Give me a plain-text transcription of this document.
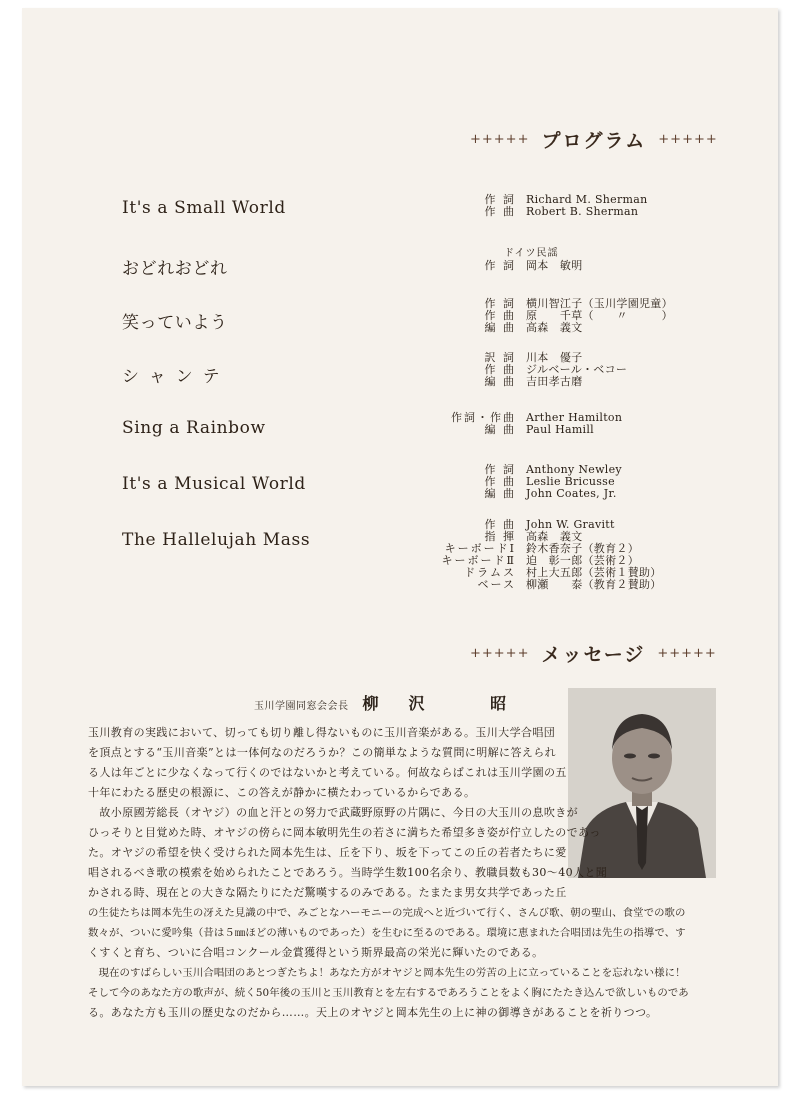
+++++ プログラム +++++
It's a Small World	作 詞 Richard M. Sherman
作 曲 Robert B. Sherman
おどれおどれ
ドイツ民謡
作 詞 岡本　敏明
笑っていよう
作 詞 横川智江子（玉川学園児童）
作 曲 原　　千草（　　〃　　　）
編 曲 高森　義文
シャンテ
訳 詞 川本　優子
作 曲 ジルベール・ベコー
編 曲 吉田孝古磨
Sing a Rainbow
作詞・作曲 Arther Hamilton
編 曲 Paul Hamill
It's a Musical World
作 詞 Anthony Newley
作 曲 Leslie Bricusse
編 曲 John Coates, Jr.
The Hallelujah Mass
作 曲 John W. Gravitt
指 揮 高森　義文
キーボードⅠ 鈴木香奈子（教育２）
キーボードⅡ 迫　彰一郎（芸術２）
ドラムス 村上大五郎（芸術１賛助）
ベース 柳瀬　　泰（教育２賛助）
+++++ メッセージ +++++
玉川学園同窓会会長 柳沢 昭
玉川教育の実践において、切っても切り離し得ないものに玉川音楽がある。玉川大学合唱団
を頂点とする“玉川音楽”とは一体何なのだろうか？この簡単なような質問に明解に答えられ
る人は年ごとに少なくなって行くのではないかと考えている。何故ならばこれは玉川学園の五
十年にわたる歴史の根源に、この答えが静かに横たわっているからである。
　故小原國芳総長（オヤジ）の血と汗との努力で武蔵野原野の片隅に、今日の大玉川の息吹きが
ひっそりと目覚めた時、オヤジの傍らに岡本敏明先生の若さに満ちた希望多き姿が佇立したのであっ
た。オヤジの希望を快く受けられた岡本先生は、丘を下り、坂を下ってこの丘の若者たちに愛
唱されるべき歌の模索を始められたことであろう。当時学生数100名余り、教職員数も30～40人と聞
かされる時、現在との大きな隔たりにただ驚嘆するのみである。たまたま男女共学であった丘
の生徒たちは岡本先生の冴えた見識の中で、みごとなハーモニーの完成へと近づいて行く、さんび歌、朝の聖山、食堂での歌の
数々が、ついに愛吟集（昔は５㎜ほどの薄いものであった）を生むに至るのである。環境に恵まれた合唱団は先生の指導で、す
くすくと育ち、ついに合唱コンクール金賞獲得という斯界最高の栄光に輝いたのである。
　現在のすばらしい玉川合唱団のあとつぎたちよ！あなた方がオヤジと岡本先生の労苦の上に立っていることを忘れない様に！
そして今のあなた方の歌声が、続く50年後の玉川と玉川教育とを左右するであろうことをよく胸にたたき込んで欲しいものであ
る。あなた方も玉川の歴史なのだから……。天上のオヤジと岡本先生の上に神の御導きがあることを祈りつつ。
